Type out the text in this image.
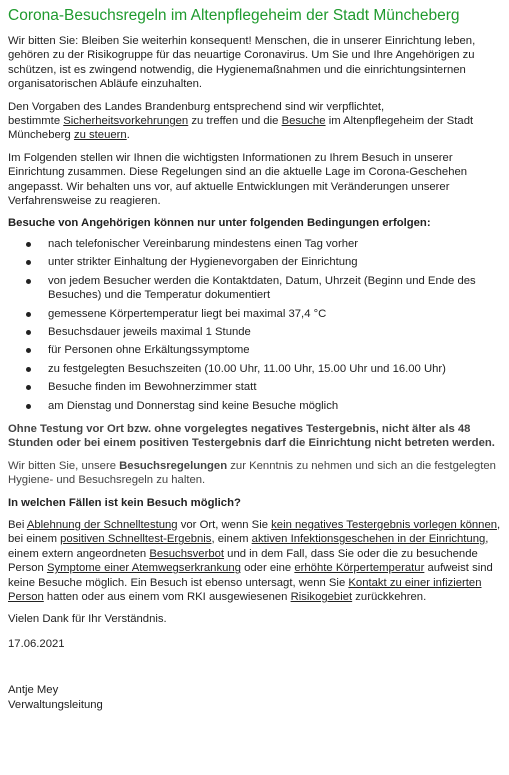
Corona-Besuchsregeln im Altenpflegeheim der Stadt Müncheberg

Wir bitten Sie: Bleiben Sie weiterhin konsequent! Menschen, die in unserer Einrichtung leben, gehören zu der Risikogruppe für das neuartige Coronavirus. Um Sie und Ihre Angehörigen zu schützen, ist es zwingend notwendig, die Hygienemaßnahmen und die einrichtungsinternen organisatorischen Abläufe einzuhalten.

Den Vorgaben des Landes Brandenburg entsprechend sind wir verpflichtet,
bestimmte Sicherheitsvorkehrungen zu treffen und die Besuche im Altenpflegeheim der Stadt Müncheberg zu steuern.

Im Folgenden stellen wir Ihnen die wichtigsten Informationen zu Ihrem Besuch in unserer Einrichtung zusammen. Diese Regelungen sind an die aktuelle Lage im Corona-Geschehen angepasst. Wir behalten uns vor, auf aktuelle Entwicklungen mit Veränderungen unserer Verfahrensweise zu reagieren.

Besuche von Angehörigen können nur unter folgenden Bedingungen erfolgen:

nach telefonischer Vereinbarung mindestens einen Tag vorher
unter strikter Einhaltung der Hygienevorgaben der Einrichtung
von jedem Besucher werden die Kontaktdaten, Datum, Uhrzeit (Beginn und Ende des Besuches) und die Temperatur dokumentiert
gemessene Körpertemperatur liegt bei maximal 37,4 °C
Besuchsdauer jeweils maximal 1 Stunde
für Personen ohne Erkältungssymptome
zu festgelegten Besuchszeiten (10.00 Uhr, 11.00 Uhr, 15.00 Uhr und 16.00 Uhr)
Besuche finden im Bewohnerzimmer statt
am Dienstag und Donnerstag sind keine Besuche möglich

Ohne Testung vor Ort bzw. ohne vorgelegtes negatives Testergebnis, nicht älter als 48 Stunden oder bei einem positiven Testergebnis darf die Einrichtung nicht betreten werden.

Wir bitten Sie, unsere Besuchsregelungen zur Kenntnis zu nehmen und sich an die festgelegten Hygiene- und Besuchsregeln zu halten.

In welchen Fällen ist kein Besuch möglich?

Bei Ablehnung der Schnelltestung vor Ort, wenn Sie kein negatives Testergebnis vorlegen können, bei einem positiven Schnelltest-Ergebnis, einem aktiven Infektionsgeschehen in der Einrichtung, einem extern angeordneten Besuchsverbot und in dem Fall, dass Sie oder die zu besuchende Person Symptome einer Atemwegserkrankung oder eine erhöhte Körpertemperatur aufweist sind keine Besuche möglich. Ein Besuch ist ebenso untersagt, wenn Sie Kontakt zu einer infizierten Person hatten oder aus einem vom RKI ausgewiesenen Risikogebiet zurückkehren.

Vielen Dank für Ihr Verständnis.

17.06.2021

Antje Mey
Verwaltungsleitung
